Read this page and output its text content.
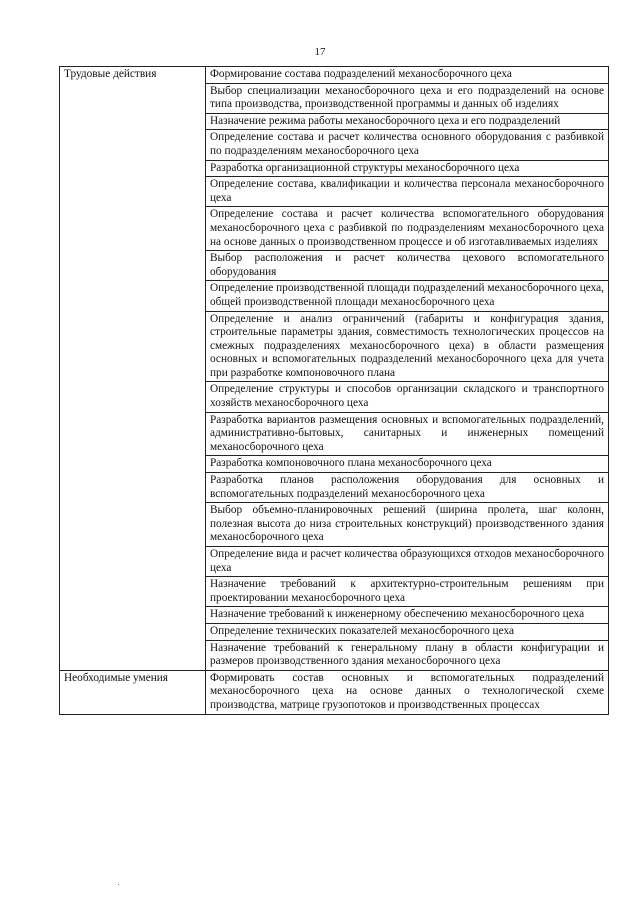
17
Трудовые действия	Формирование состава подразделений механосборочного цеха
	Выбор специализации механосборочного цеха и его подразделений на основе типа производства, производственной программы и данных об изделиях
	Назначение режима работы механосборочного цеха и его подразделений
	Определение состава и расчет количества основного оборудования с разбивкой по подразделениям механосборочного цеха
	Разработка организационной структуры механосборочного цеха
	Определение состава, квалификации и количества персонала механосборочного цеха
	Определение состава и расчет количества вспомогательного оборудования механосборочного цеха с разбивкой по подразделениям механосборочного цеха на основе данных о производственном процессе и об изготавливаемых изделиях
	Выбор расположения и расчет количества цехового вспомогательного оборудования
	Определение производственной площади подразделений механосборочного цеха, общей производственной площади механосборочного цеха
	Определение и анализ ограничений (габариты и конфигурация здания, строительные параметры здания, совместимость технологических процессов на смежных подразделениях механосборочного цеха) в области размещения основных и вспомогательных подразделений механосборочного цеха для учета при разработке компоновочного плана
	Определение структуры и способов организации складского и транспортного хозяйств механосборочного цеха
	Разработка вариантов размещения основных и вспомогательных подразделений, административно-бытовых, санитарных и инженерных помещений механосборочного цеха
	Разработка компоновочного плана механосборочного цеха
	Разработка планов расположения оборудования для основных и вспомогательных подразделений механосборочного цеха
	Выбор объемно-планировочных решений (ширина пролета, шаг колонн, полезная высота до низа строительных конструкций) производственного здания механосборочного цеха
	Определение вида и расчет количества образующихся отходов механосборочного цеха
	Назначение требований к архитектурно-строительным решениям при проектировании механосборочного цеха
	Назначение требований к инженерному обеспечению механосборочного цеха
	Определение технических показателей механосборочного цеха
	Назначение требований к генеральному плану в области конфигурации и размеров производственного здания механосборочного цеха
Необходимые умения	Формировать состав основных и вспомогательных подразделений механосборочного цеха на основе данных о технологической схеме производства, матрице грузопотоков и производственных процессах
